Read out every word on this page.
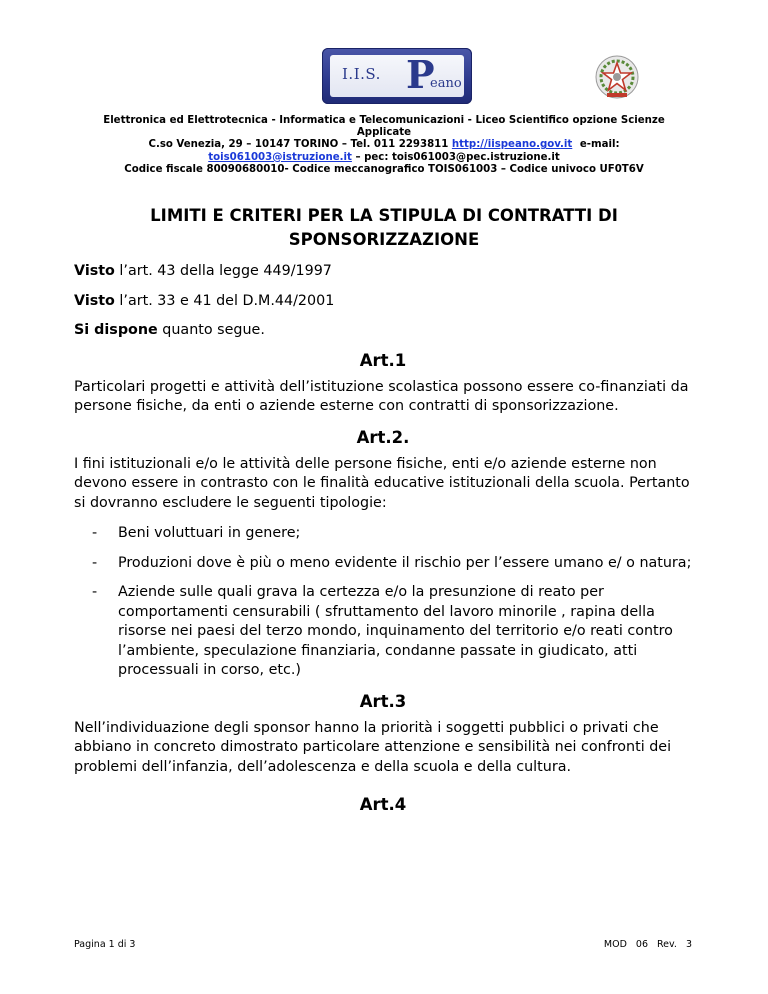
I.I.S. P
eano
Elettronica ed Elettrotecnica - Informatica e Telecomunicazioni - Liceo Scientifico opzione Scienze Applicate
C.so Venezia, 29 – 10147 TORINO – Tel. 011 2293811 http://iispeano.gov.it e-mail:
tois061003@istruzione.it – pec: tois061003@pec.istruzione.it
Codice fiscale 80090680010- Codice meccanografico TOIS061003 – Codice univoco UF0T6V
LIMITI E CRITERI PER LA STIPULA DI CONTRATTI DI SPONSORIZZAZIONE

Visto l’art. 43 della legge 449/1997

Visto l’art. 33 e 41 del D.M.44/2001

Si dispone quanto segue.

Art.1

Particolari progetti e attività dell’istituzione scolastica possono essere co-finanziati da persone fisiche, da enti o aziende esterne con contratti di sponsorizzazione.

Art.2.

I fini istituzionali e/o le attività delle persone fisiche, enti e/o aziende esterne non devono essere in contrasto con le finalità educative istituzionali della scuola. Pertanto si dovranno escludere le seguenti tipologie:

- Beni voluttuari in genere;
- Produzioni dove è più o meno evidente il rischio per l’essere umano e/ o natura;
- Aziende sulle quali grava la certezza e/o la presunzione di reato per comportamenti censurabili ( sfruttamento del lavoro minorile , rapina della risorse nei paesi del terzo mondo, inquinamento del territorio e/o reati contro l’ambiente, speculazione finanziaria, condanne passate in giudicato, atti processuali in corso, etc.)
Art.3

Nell’individuazione degli sponsor hanno la priorità i soggetti pubblici o privati che abbiano in concreto dimostrato particolare attenzione e sensibilità nei confronti dei problemi dell’infanzia, dell’adolescenza e della scuola e della cultura.

Art.4
Pagina 1 di 3	MOD 06 Rev. 3
